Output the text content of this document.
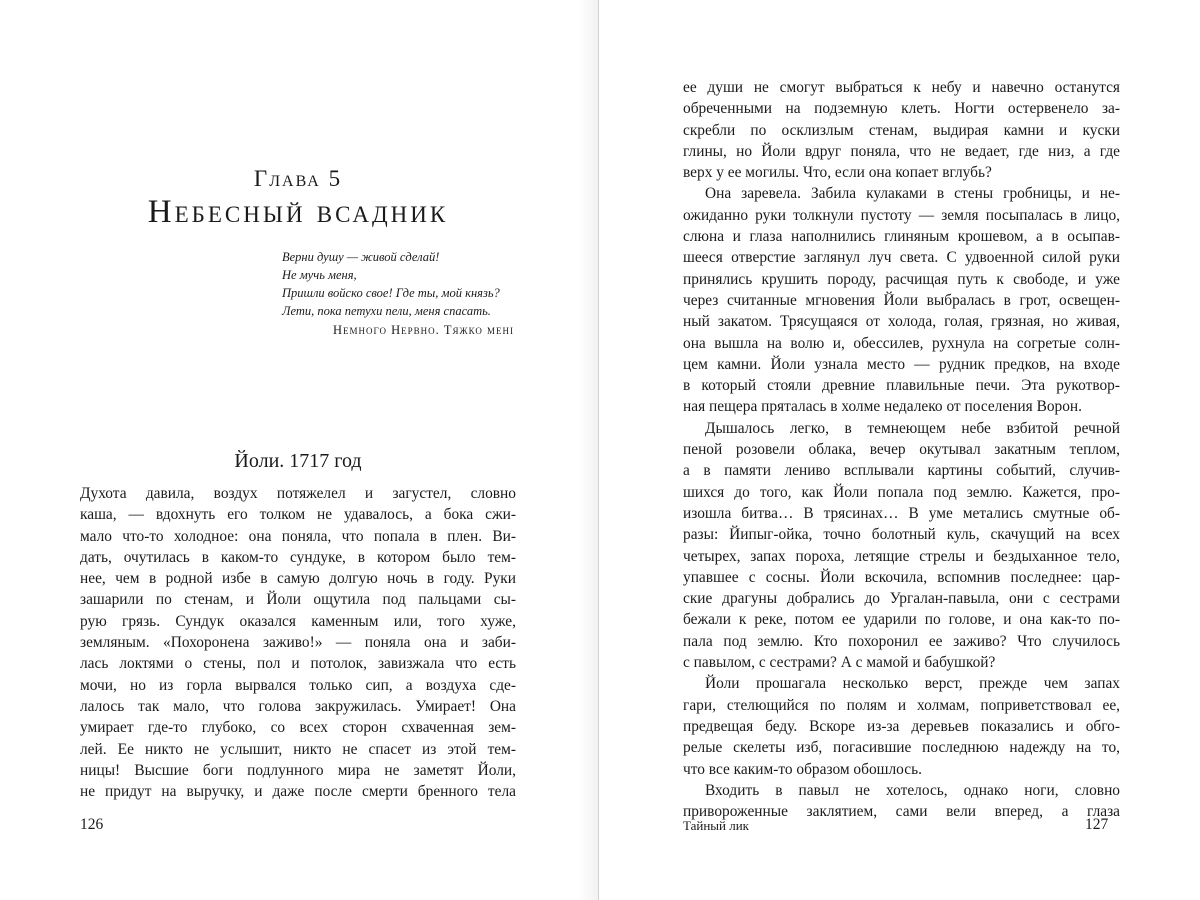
Глава 5
Небесный всадник
Верни душу — живой сделай!
Не мучь меня,
Пришли войско свое! Где ты, мой князь?
Лети, пока петухи пели, меня спасать.
Немного Нервно. Тяжко мені
Йоли. 1717 год
Духота давила, воздух потяжелел и загустел, словно
каша, — вдохнуть его толком не удавалось, а бока сжи-
мало что-то холодное: она поняла, что попала в плен. Ви-
дать, очутилась в каком-то сундуке, в котором было тем-
нее, чем в родной избе в самую долгую ночь в году. Руки
зашарили по стенам, и Йоли ощутила под пальцами сы-
рую грязь. Сундук оказался каменным или, того хуже,
земляным. «Похоронена заживо!» — поняла она и заби-
лась локтями о стены, пол и потолок, завизжала что есть
мочи, но из горла вырвался только сип, а воздуха сде-
лалось так мало, что голова закружилась. Умирает! Она
умирает где-то глубоко, со всех сторон схваченная зем-
лей. Ее никто не услышит, никто не спасет из этой тем-
ницы! Высшие боги подлунного мира не заметят Йоли,
не придут на выручку, и даже после смерти бренного тела
126
ее души не смогут выбраться к небу и навечно останутся
обреченными на подземную клеть. Ногти остервенело за-
скребли по осклизлым стенам, выдирая камни и куски
глины, но Йоли вдруг поняла, что не ведает, где низ, а где
верх у ее могилы. Что, если она копает вглубь?
Она заревела. Забила кулаками в стены гробницы, и не-
ожиданно руки толкнули пустоту — земля посыпалась в лицо,
слюна и глаза наполнились глиняным крошевом, а в осыпав-
шееся отверстие заглянул луч света. С удвоенной силой руки
принялись крушить породу, расчищая путь к свободе, и уже
через считанные мгновения Йоли выбралась в грот, освещен-
ный закатом. Трясущаяся от холода, голая, грязная, но живая,
она вышла на волю и, обессилев, рухнула на согретые солн-
цем камни. Йоли узнала место — рудник предков, на входе
в который стояли древние плавильные печи. Эта рукотвор-
ная пещера пряталась в холме недалеко от поселения Ворон.
Дышалось легко, в темнеющем небе взбитой речной
пеной розовели облака, вечер окутывал закатным теплом,
а в памяти лениво всплывали картины событий, случив-
шихся до того, как Йоли попала под землю. Кажется, про-
изошла битва… В трясинах… В уме метались смутные об-
разы: Йипыг-ойка, точно болотный куль, скачущий на всех
четырех, запах пороха, летящие стрелы и бездыханное тело,
упавшее с сосны. Йоли вскочила, вспомнив последнее: цар-
ские драгуны добрались до Ургалан-павыла, они с сестрами
бежали к реке, потом ее ударили по голове, и она как-то по-
пала под землю. Кто похоронил ее заживо? Что случилось
с павылом, с сестрами? А с мамой и бабушкой?
Йоли прошагала несколько верст, прежде чем запах
гари, стелющийся по полям и холмам, поприветствовал ее,
предвещая беду. Вскоре из-за деревьев показались и обго-
релые скелеты изб, погасившие последнюю надежду на то,
что все каким-то образом обошлось.
Входить в павыл не хотелось, однако ноги, словно
привороженные заклятием, сами вели вперед, а глаза
Тайный лик	127
